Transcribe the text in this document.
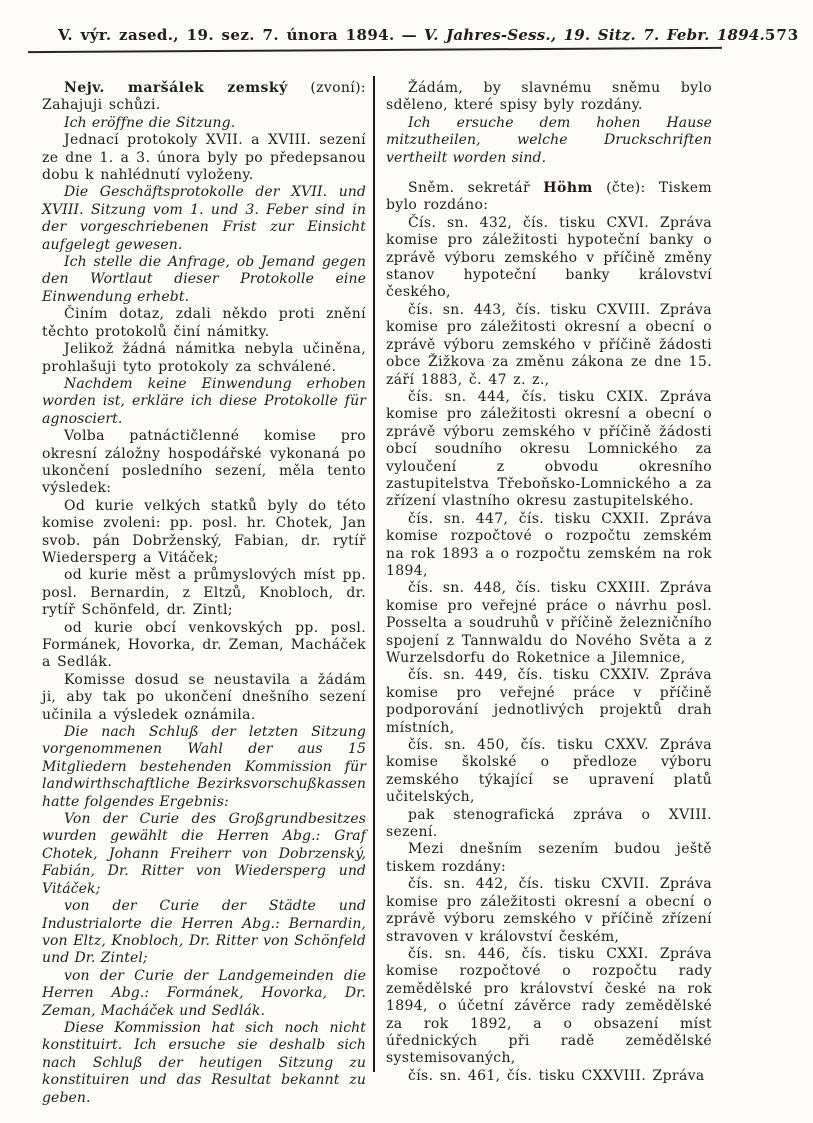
V. výr. zased., 19. sez. 7. února 1894. — V. Jahres-Sess., 19. Sitz. 7. Febr. 1894. 573

Nejv. maršálek zemský (zvoní): Zahajuji schůzi.

Ich eröffne die Sitzung.

Jednací protokoly XVII. a XVIII. sezení ze dne 1. a 3. února byly po předepsanou dobu k nahlédnutí vyloženy.

Die Geschäftsprotokolle der XVII. und XVIII. Sitzung vom 1. und 3. Feber sind in der vorgeschriebenen Frist zur Einsicht aufgelegt gewesen.

Ich stelle die Anfrage, ob Jemand gegen den Wortlaut dieser Protokolle eine Einwendung erhebt.

Činím dotaz, zdali někdo proti znění těchto protokolů činí námitky.

Jelikož žádná námitka nebyla učiněna, prohlašuji tyto protokoly za schválené.

Nachdem keine Einwendung erhoben worden ist, erkläre ich diese Protokolle für agnosciert.

Volba patnáctičlenné komise pro okresní záložny hospodářské vykonaná po ukončení posledního sezení, měla tento výsledek:

Od kurie velkých statků byly do této komise zvoleni: pp. posl. hr. Chotek, Jan svob. pán Dobrženský, Fabian, dr. rytíř Wiedersperg a Vitáček;

od kurie měst a průmyslových míst pp. posl. Bernardin, z Eltzů, Knobloch, dr. rytíř Schönfeld, dr. Zintl;

od kurie obcí venkovských pp. posl. Formánek, Hovorka, dr. Zeman, Macháček a Sedlák.

Komisse dosud se neustavila a žádám ji, aby tak po ukončení dnešního sezení učinila a výsledek oznámila.

Die nach Schluß der letzten Sitzung vorgenommenen Wahl der aus 15 Mitgliedern bestehenden Kommission für landwirthschaftliche Bezirksvorschußkassen hatte folgendes Ergebnis:

Von der Curie des Großgrundbesitzes wurden gewählt die Herren Abg.: Graf Chotek, Johann Freiherr von Dobrzenský, Fabián, Dr. Ritter von Wiedersperg und Vitáček;

von der Curie der Städte und Industrialorte die Herren Abg.: Bernardin, von Eltz, Knobloch, Dr. Ritter von Schönfeld und Dr. Zintel;

von der Curie der Landgemeinden die Herren Abg.: Formánek, Hovorka, Dr. Zeman, Macháček und Sedlák.

Diese Kommission hat sich noch nicht konstituirt. Ich ersuche sie deshalb sich nach Schluß der heutigen Sitzung zu konstituiren und das Resultat bekannt zu geben.

Žádám, by slavnému sněmu bylo sděleno, které spisy byly rozdány.

Ich ersuche dem hohen Hause mitzutheilen, welche Druckschriften vertheilt worden sind.

Sněm. sekretář Höhm (čte): Tiskem bylo rozdáno:

Čís. sn. 432, čís. tisku CXVI. Zpráva komise pro záležitosti hypoteční banky o zprávě výboru zemského v příčině změny stanov hypoteční banky království českého,

čís. sn. 443, čís. tisku CXVIII. Zpráva komise pro záležitosti okresní a obecní o zprávě výboru zemského v příčině žádosti obce Žižkova za změnu zákona ze dne 15. září 1883, č. 47 z. z.,

čís. sn. 444, čís. tisku CXIX. Zpráva komise pro záležitosti okresní a obecní o zprávě výboru zemského v příčině žádosti obcí soudního okresu Lomnického za vyloučení z obvodu okresního zastupitelstva Třeboňsko-Lomnického a za zřízení vlastního okresu zastupitelského.

čís. sn. 447, čís. tisku CXXII. Zpráva komise rozpočtové o rozpočtu zemském na rok 1893 a o rozpočtu zemském na rok 1894,

čís. sn. 448, čís. tisku CXXIII. Zpráva komise pro veřejné práce o návrhu posl. Posselta a soudruhů v příčině železničního spojení z Tannwaldu do Nového Světa a z Wurzelsdorfu do Roketnice a Jilemnice,

čís. sn. 449, čís. tisku CXXIV. Zpráva komise pro veřejné práce v příčině podporování jednotlivých projektů drah místních,

čís. sn. 450, čís. tisku CXXV. Zpráva komise školské o předloze výboru zemského týkající se upravení platů učitelských,

pak stenografická zpráva o XVIII. sezení.

Mezi dnešním sezením budou ještě tiskem rozdány:

čís. sn. 442, čís. tisku CXVII. Zpráva komise pro záležitosti okresní a obecní o zprávě výboru zemského v příčině zřízení stravoven v království českém,

čís. sn. 446, čís. tisku CXXI. Zpráva komise rozpočtové o rozpočtu rady zemědělské pro království české na rok 1894, o účetní závěrce rady zemědělské za rok 1892, a o obsazení míst úřednických při radě zemědělské systemisovaných,

čís. sn. 461, čís. tisku CXXVIII. Zpráva
